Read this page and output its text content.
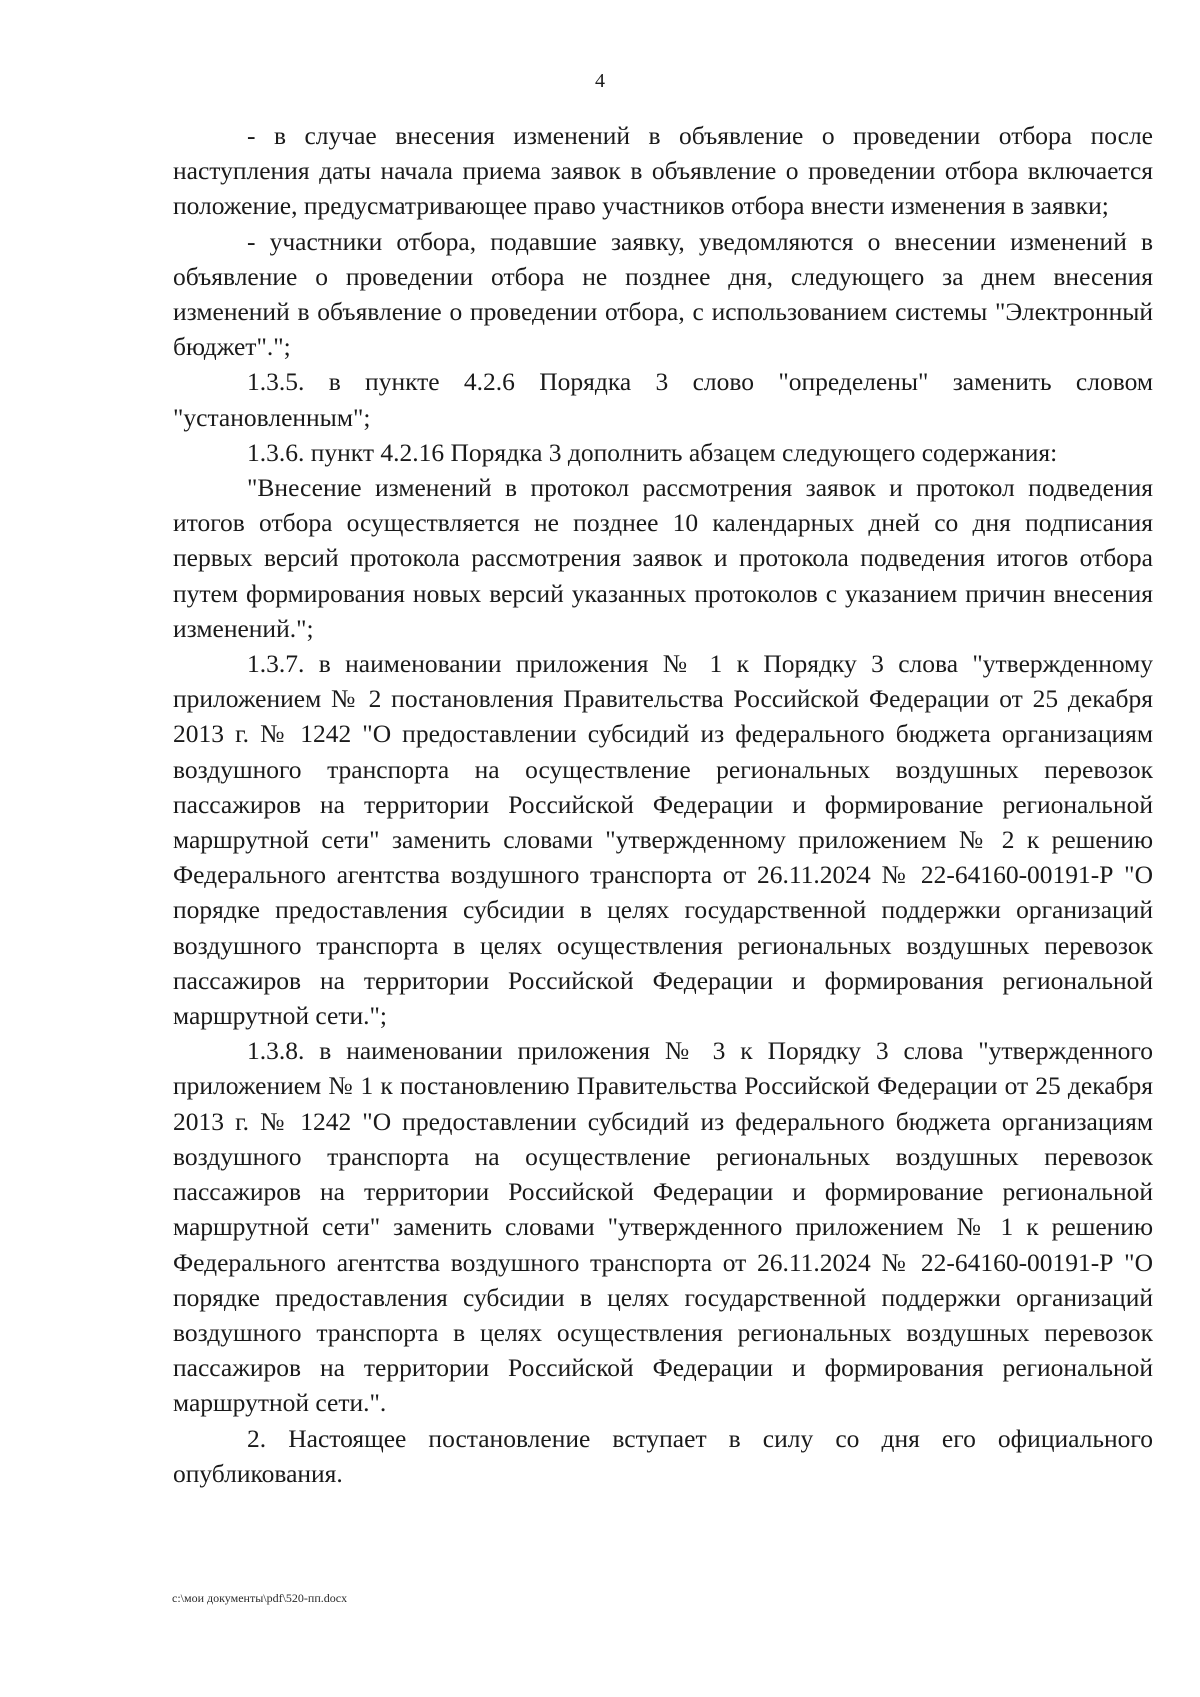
4

- в случае внесения изменений в объявление о проведении отбора после наступления даты начала приема заявок в объявление о проведении отбора включается положение, предусматривающее право участников отбора внести изменения в заявки;

- участники отбора, подавшие заявку, уведомляются о внесении изменений в объявление о проведении отбора не позднее дня, следующего за днем внесения изменений в объявление о проведении отбора, с использованием системы "Электронный бюджет".";

1.3.5. в пункте 4.2.6 Порядка 3 слово "определены" заменить словом "установленным";

1.3.6. пункт 4.2.16 Порядка 3 дополнить абзацем следующего содержания:

"Внесение изменений в протокол рассмотрения заявок и протокол подведения итогов отбора осуществляется не позднее 10 календарных дней со дня подписания первых версий протокола рассмотрения заявок и протокола подведения итогов отбора путем формирования новых версий указанных протоколов с указанием причин внесения изменений.";

1.3.7. в наименовании приложения № 1 к Порядку 3 слова "утвержденному приложением № 2 постановления Правительства Российской Федерации от 25 декабря 2013 г. № 1242 "О предоставлении субсидий из федерального бюджета организациям воздушного транспорта на осуществление региональных воздушных перевозок пассажиров на территории Российской Федерации и формирование региональной маршрутной сети" заменить словами "утвержденному приложением № 2 к решению Федерального агентства воздушного транспорта от 26.11.2024 № 22-64160-00191-Р "О порядке предоставления субсидии в целях государственной поддержки организаций воздушного транспорта в целях осуществления региональных воздушных перевозок пассажиров на территории Российской Федерации и формирования региональной маршрутной сети.";

1.3.8. в наименовании приложения № 3 к Порядку 3 слова "утвержденного приложением № 1 к постановлению Правительства Российской Федерации от 25 декабря 2013 г. № 1242 "О предоставлении субсидий из федерального бюджета организациям воздушного транспорта на осуществление региональных воздушных перевозок пассажиров на территории Российской Федерации и формирование региональной маршрутной сети" заменить словами "утвержденного приложением № 1 к решению Федерального агентства воздушного транспорта от 26.11.2024 № 22-64160-00191-Р "О порядке предоставления субсидии в целях государственной поддержки организаций воздушного транспорта в целях осуществления региональных воздушных перевозок пассажиров на территории Российской Федерации и формирования региональной маршрутной сети.".

2. Настоящее постановление вступает в силу со дня его официального опубликования.

c:\мои документы\pdf\520-пп.docx
